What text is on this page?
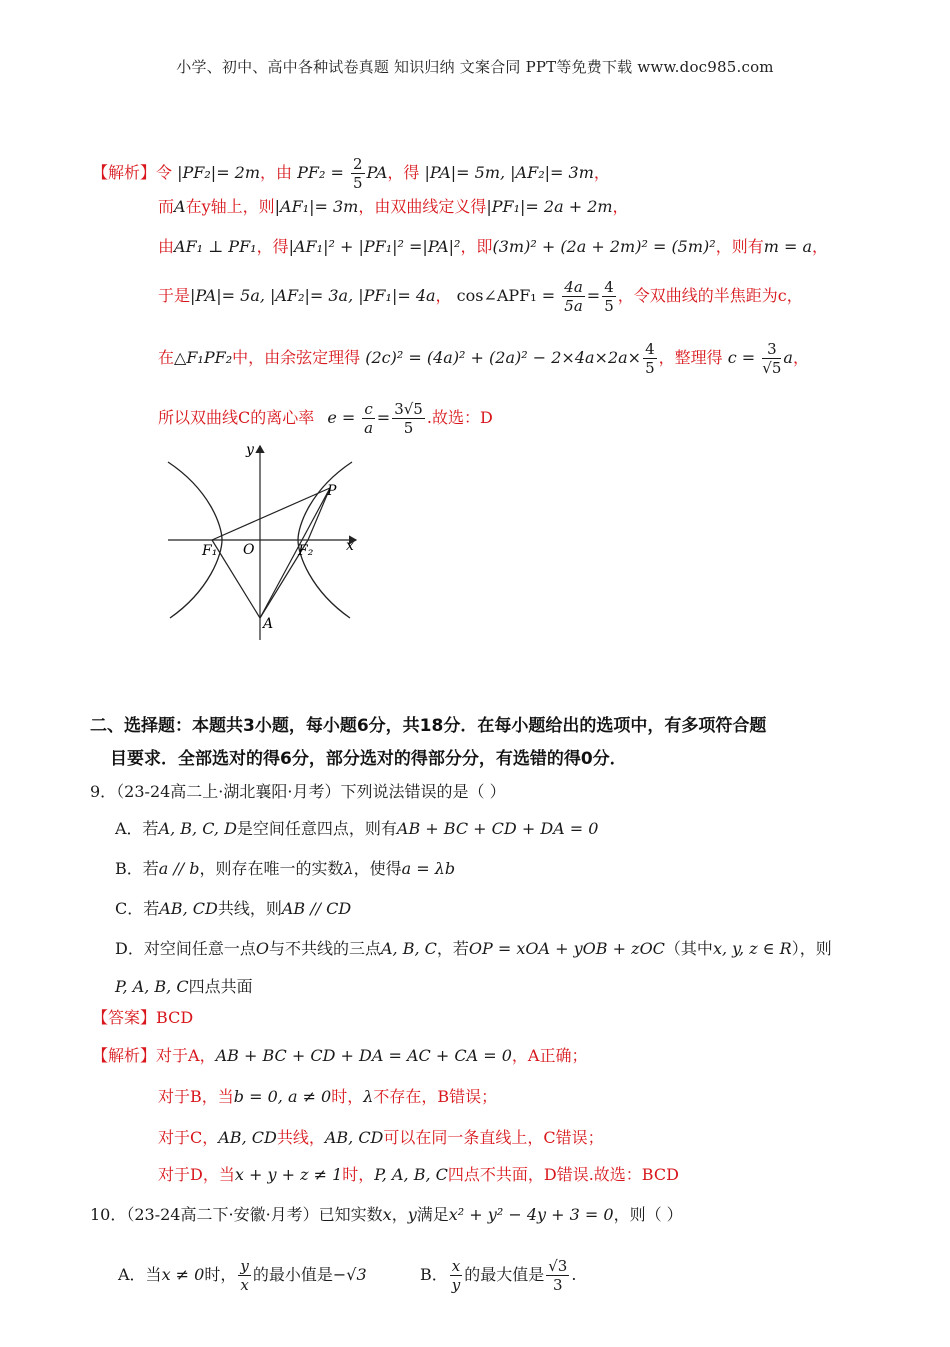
小学、初中、高中各种试卷真题 知识归纳 文案合同 PPT等免费下载 www.doc985.com
【解析】令 |PF₂|= 2m，由 $PF_2 = \frac{2}{5}$ PA，得 |PA|= 5m, |AF₂|= 3m，
而A在y轴上，则|AF₁|= 3m，由双曲线定义得|PF₁|= 2a + 2m，
由AF₁ ⊥ PF₁，得|AF₁|² + |PF₁|² =|PA|²，即(3m)² + (2a + 2m)² = (5m)²，则有m = a，
于是|PA|= 5a, |AF₂|= 3a, |PF₁|= 4a， cos∠APF₁ = $\frac{4a}{5a} = \frac{4}{5}$ ，令双曲线的半焦距为c，
在△F₁PF₂中，由余弦定理得 $(2c)^2 = (4a)^2 + (2a)^2 - 2\times 4a\times 2a\times \frac{4}{5}$ ，整理得 $c = \frac{3}{√5}$ a，
所以双曲线C的离心率 $e = \frac{c}{a} = \frac{3√5}{5}$ .故选：D
y
x
O
F₁	F₂
P
A
二、选择题：本题共3小题，每小题6分，共18分．在每小题给出的选项中，有多项符合题
目要求．全部选对的得6分，部分选对的得部分分，有选错的得0分．
9．（23-24高二上·湖北襄阳·月考）下列说法错误的是（ ）
A．若A, B, C, D是空间任意四点，则有AB + BC + CD + DA = 0
B．若a // b，则存在唯一的实数λ，使得a = λb
C．若AB, CD共线，则AB // CD
D．对空间任意一点O与不共线的三点A, B, C，若OP = xOA + yOB + zOC（其中x, y, z ∈ R），则
P, A, B, C四点共面
【答案】BCD
【解析】对于A，AB + BC + CD + DA = AC + CA = 0，A正确；
对于B，当b = 0, a ≠ 0时，λ不存在，B错误；
对于C，AB, CD共线，AB, CD可以在同一条直线上，C错误；
对于D，当x + y + z ≠ 1时，P, A, B, C四点不共面，D错误.故选：BCD
10．（23-24高二下·安徽·月考）已知实数x，y满足x² + y² − 4y + 3 = 0，则（ ）
A．当x ≠ 0时， $\frac{y}{x}$ 的最小值是−√3	B． $\frac{x}{y}$ 的最大值是 $\frac{√3}{3}$ .
